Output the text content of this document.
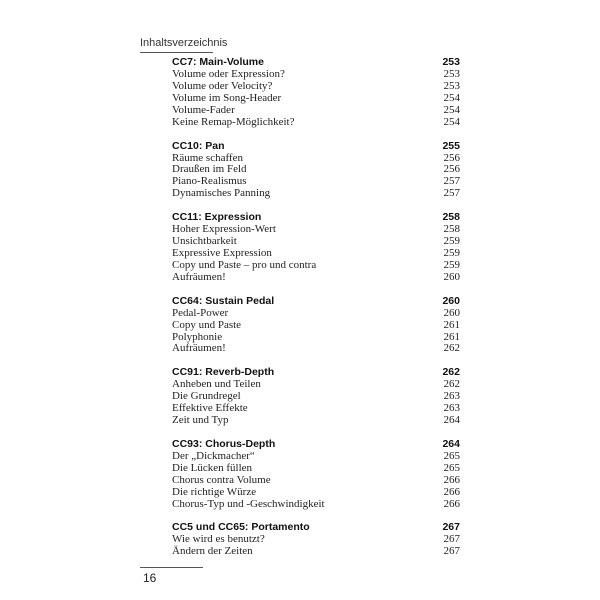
Inhaltsverzeichnis
CC7: Main-Volume	253
Volume oder Expression?	253
Volume oder Velocity?	253
Volume im Song-Header	254
Volume-Fader	254
Keine Remap-Möglichkeit?	254
CC10: Pan	255
Räume schaffen	256
Draußen im Feld	256
Piano-Realismus	257
Dynamisches Panning	257
CC11: Expression	258
Hoher Expression-Wert	258
Unsichtbarkeit	259
Expressive Expression	259
Copy und Paste – pro und contra	259
Aufräumen!	260
CC64: Sustain Pedal	260
Pedal-Power	260
Copy und Paste	261
Polyphonie	261
Aufräumen!	262
CC91: Reverb-Depth	262
Anheben und Teilen	262
Die Grundregel	263
Effektive Effekte	263
Zeit und Typ	264
CC93: Chorus-Depth	264
Der „Dickmacher“	265
Die Lücken füllen	265
Chorus contra Volume	266
Die richtige Würze	266
Chorus-Typ und -Geschwindigkeit	266
CC5 und CC65: Portamento	267
Wie wird es benutzt?	267
Ändern der Zeiten	267
16
